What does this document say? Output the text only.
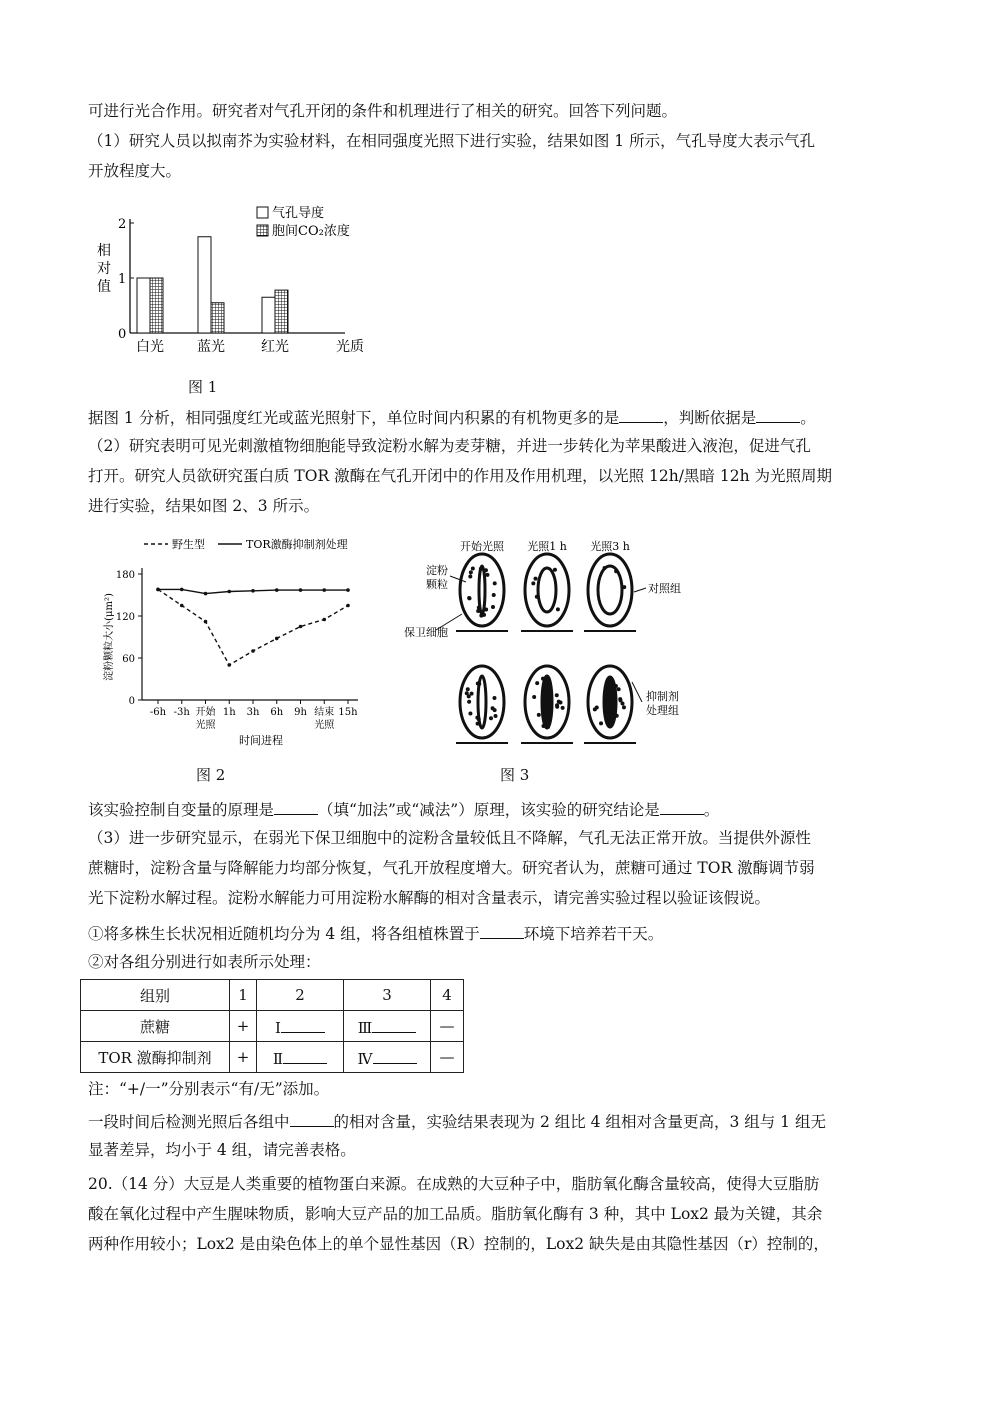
可进行光合作用。研究者对气孔开闭的条件和机理进行了相关的研究。回答下列问题。
（1）研究人员以拟南芥为实验材料，在相同强度光照下进行实验，结果如图 1 所示，气孔导度大表示气孔
开放程度大。
0
1
2
相
对
值
白光 蓝光	红光	光质
气孔导度
胞间CO₂浓度
图 1
据图 1 分析，相同强度红光或蓝光照射下，单位时间内积累的有机物更多的是	，判断依据是	。
（2）研究表明可见光刺激植物细胞能导致淀粉水解为麦芽糖，并进一步转化为苹果酸进入液泡，促进气孔
打开。研究人员欲研究蛋白质 TOR 激酶在气孔开闭中的作用及作用机理，以光照 12h/黑暗 12h 为光照周期
进行实验，结果如图 2、3 所示。
0
60
120
180
-6h -3h 开始
光照
1h 3h 6h 9h 结束
光照
15h
时间进程
淀粉颗粒大小(μm²)
野生型	TOR激酶抑制剂处理
图 2
开始光照 光照1 h 光照3 h
淀粉 颗粒
保卫细胞
对照组
抑制剂 处理组
图 3
该实验控制自变量的原理是	（填“加法”或“减法”）原理，该实验的研究结论是	。
（3）进一步研究显示，在弱光下保卫细胞中的淀粉含量较低且不降解，气孔无法正常开放。当提供外源性
蔗糖时，淀粉含量与降解能力均部分恢复，气孔开放程度增大。研究者认为，蔗糖可通过 TOR 激酶调节弱
光下淀粉水解过程。淀粉水解能力可用淀粉水解酶的相对含量表示，请完善实验过程以验证该假说。
①将多株生长状况相近随机均分为 4 组，将各组植株置于	环境下培养若干天。
②对各组分别进行如表所示处理：
组别	1	2	3	4
蔗糖	+	Ⅰ	Ⅲ	—
TOR 激酶抑制剂	+	Ⅱ	Ⅳ	—
注：“+/一”分别表示“有/无”添加。
一段时间后检测光照后各组中	的相对含量，实验结果表现为 2 组比 4 组相对含量更高，3 组与 1 组无
显著差异，均小于 4 组，请完善表格。
20.（14 分）大豆是人类重要的植物蛋白来源。在成熟的大豆种子中，脂肪氧化酶含量较高，使得大豆脂肪
酸在氧化过程中产生腥味物质，影响大豆产品的加工品质。脂肪氧化酶有 3 种，其中 Lox2 最为关键，其余
两种作用较小；Lox2 是由染色体上的单个显性基因（R）控制的，Lox2 缺失是由其隐性基因（r）控制的，
